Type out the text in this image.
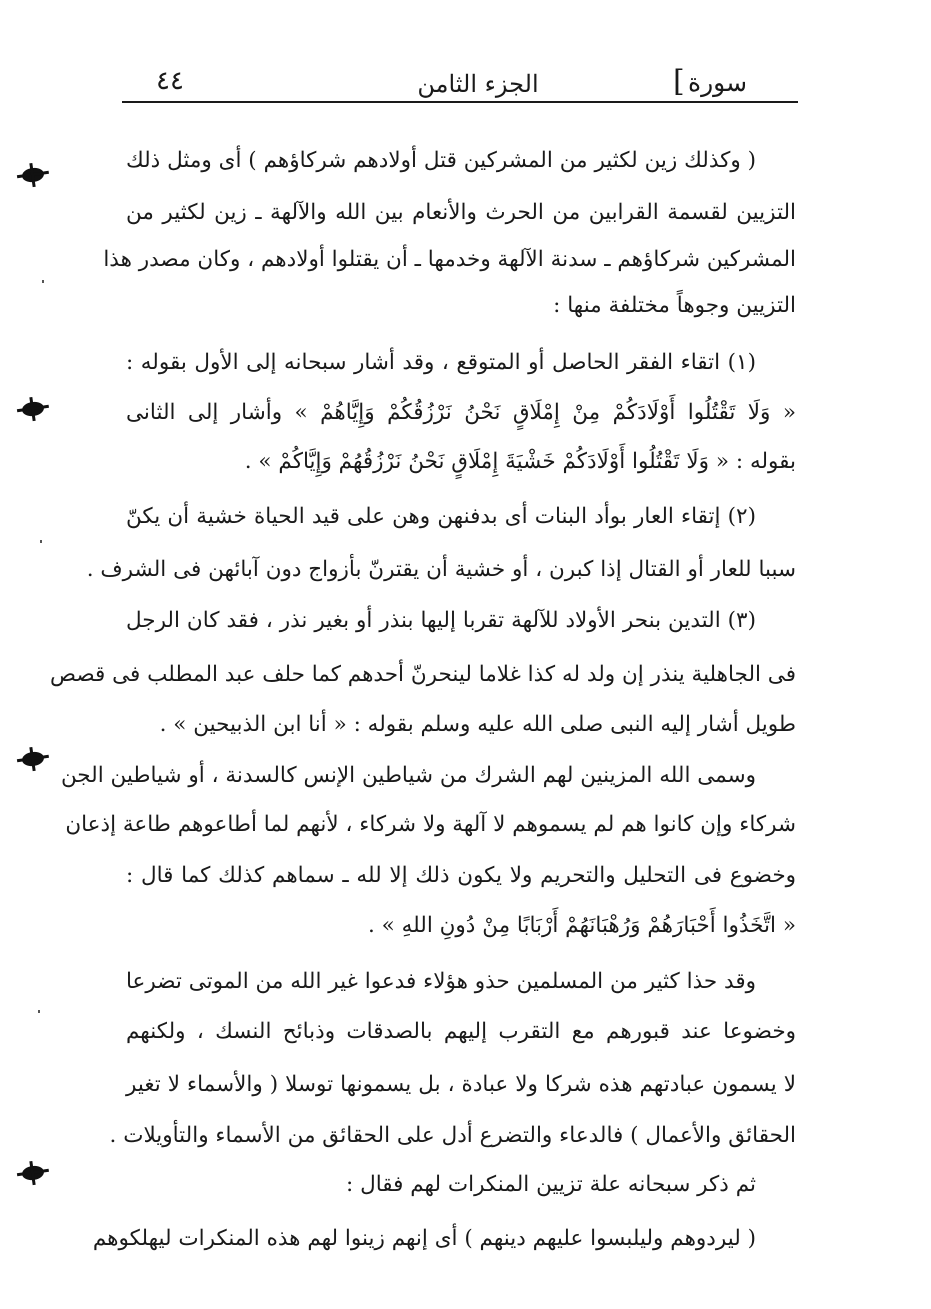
٤٤	الجزء الثامن	[ سورة
( وكذلك زين لكثير من المشركين قتل أولادهم شركاؤهم ) أى ومثل ذلك
التزيين لقسمة القرابين من الحرث والأنعام بين الله والآلهة ـ زين لكثير من
المشركين شركاؤهم ـ سدنة الآلهة وخدمها ـ أن يقتلوا أولادهم ، وكان مصدر هذا
التزيين وجوهاً مختلفة منها :
(١) اتقاء الفقر الحاصل أو المتوقع ، وقد أشار سبحانه إلى الأول بقوله :
« وَلَا تَقْتُلُوا أَوْلَادَكُمْ مِنْ إِمْلَاقٍ نَحْنُ نَرْزُقُكُمْ وَإِيَّاهُمْ » وأشار إلى الثانى
بقوله : « وَلَا تَقْتُلُوا أَوْلَادَكُمْ خَشْيَةَ إِمْلَاقٍ نَحْنُ نَرْزُقُهُمْ وَإِيَّاكُمْ » .
(٢) إتقاء العار بوأد البنات أى بدفنهن وهن على قيد الحياة خشية أن يكنّ
سببا للعار أو القتال إذا كبرن ، أو خشية أن يقترنّ بأزواج دون آبائهن فى الشرف .
(٣) التدين بنحر الأولاد للآلهة تقربا إليها بنذر أو بغير نذر ، فقد كان الرجل
فى الجاهلية ينذر إن ولد له كذا غلاما لينحرنّ أحدهم كما حلف عبد المطلب فى قصص
طويل أشار إليه النبى صلى الله عليه وسلم بقوله : « أنا ابن الذبيحين » .
وسمى الله المزينين لهم الشرك من شياطين الإنس كالسدنة ، أو شياطين الجن
شركاء وإن كانوا هم لم يسموهم لا آلهة ولا شركاء ، لأنهم لما أطاعوهم طاعة إذعان
وخضوع فى التحليل والتحريم ولا يكون ذلك إلا لله ـ سماهم كذلك كما قال :
« اتَّخَذُوا أَحْبَارَهُمْ وَرُهْبَانَهُمْ أَرْبَابًا مِنْ دُونِ اللهِ » .
وقد حذا كثير من المسلمين حذو هؤلاء فدعوا غير الله من الموتى تضرعا
وخضوعا عند قبورهم مع التقرب إليهم بالصدقات وذبائح النسك ، ولكنهم
لا يسمون عبادتهم هذه شركا ولا عبادة ، بل يسمونها توسلا ( والأسماء لا تغير
الحقائق والأعمال ) فالدعاء والتضرع أدل على الحقائق من الأسماء والتأويلات .
ثم ذكر سبحانه علة تزيين المنكرات لهم فقال :
( ليردوهم وليلبسوا عليهم دينهم ) أى إنهم زينوا لهم هذه المنكرات ليهلكوهم
